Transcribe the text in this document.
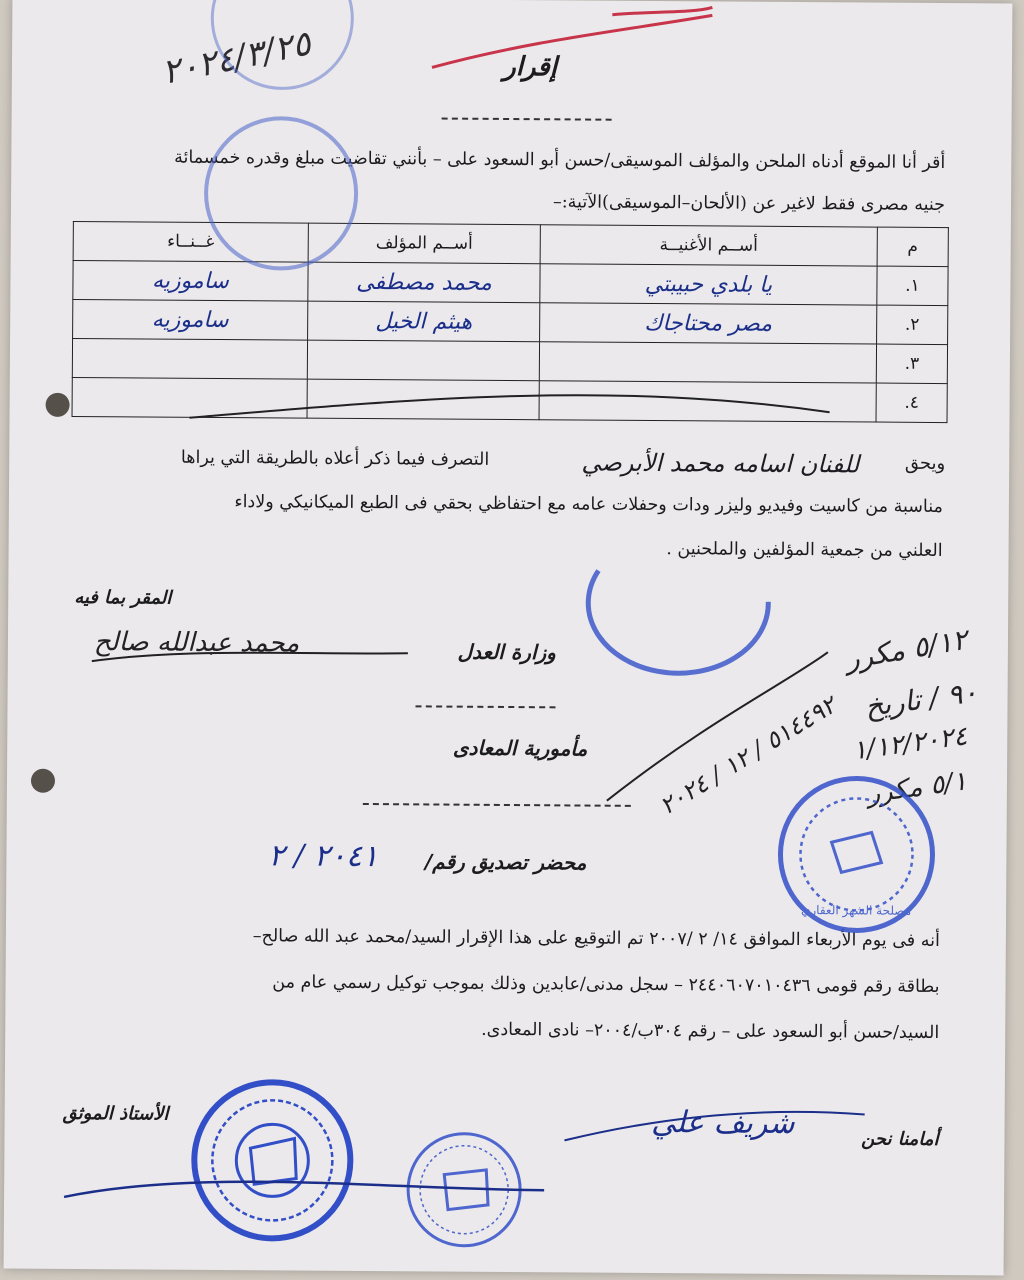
٢٠٢٤/٣/٢٥	إقرار
أقر أنا الموقع أدناه الملحن والمؤلف الموسيقى/حسن أبو السعود على – بأنني تقاضيت مبلغ وقدره خمسمائة
جنيه مصرى فقط لاغير عن (الألحان–الموسيقى)الآتية:–
م	أســم الأغنيــة	أســم المؤلف	غــنــاء
١.	يا بلدي حبيبتي	محمد مصطفى	ساموزيه
٢.	مصر محتاجاك	هيثم الخيل	ساموزيه
٣.			
٤.			
ويحق
للفنان اسامه محمد الأبرصي
التصرف فيما ذكر أعلاه بالطريقة التي يراها
مناسبة من كاسيت وفيديو وليزر ودات وحفلات عامه مع احتفاظي بحقي فى الطبع الميكانيكي ولاداء
العلني من جمعية المؤلفين والملحنين .
المقر بما فيه
محمد عبدالله صالح	وزارة العدل
مأمورية المعادى
محضر تصديق رقم/
٢٠٤١ / ٢
أنه فى يوم الأربعاء الموافق ١٤/ ٢ /٢٠٠٧ تم التوقيع على هذا الإقرار السيد/محمد عبد الله صالح–
بطاقة رقم قومى ٢٤٤٠٦٠٧٠١٠٤٣٦ – سجل مدنى/عابدين وذلك بموجب توكيل رسمي عام من
السيد/حسن أبو السعود على – رقم ٣٠٤ب/٢٠٠٤– نادى المعادى.
أمامنا نحن
شريف علي
الأستاذ الموثق
٥/١٢ مكرر
٩٠ / تاريخ
١/١٢/٢٠٢٤
٥/١ مكرر
٥١٤٤٩٢ / ١٢ / ٢٠٢٤
مصلحة الشهر العقاري
